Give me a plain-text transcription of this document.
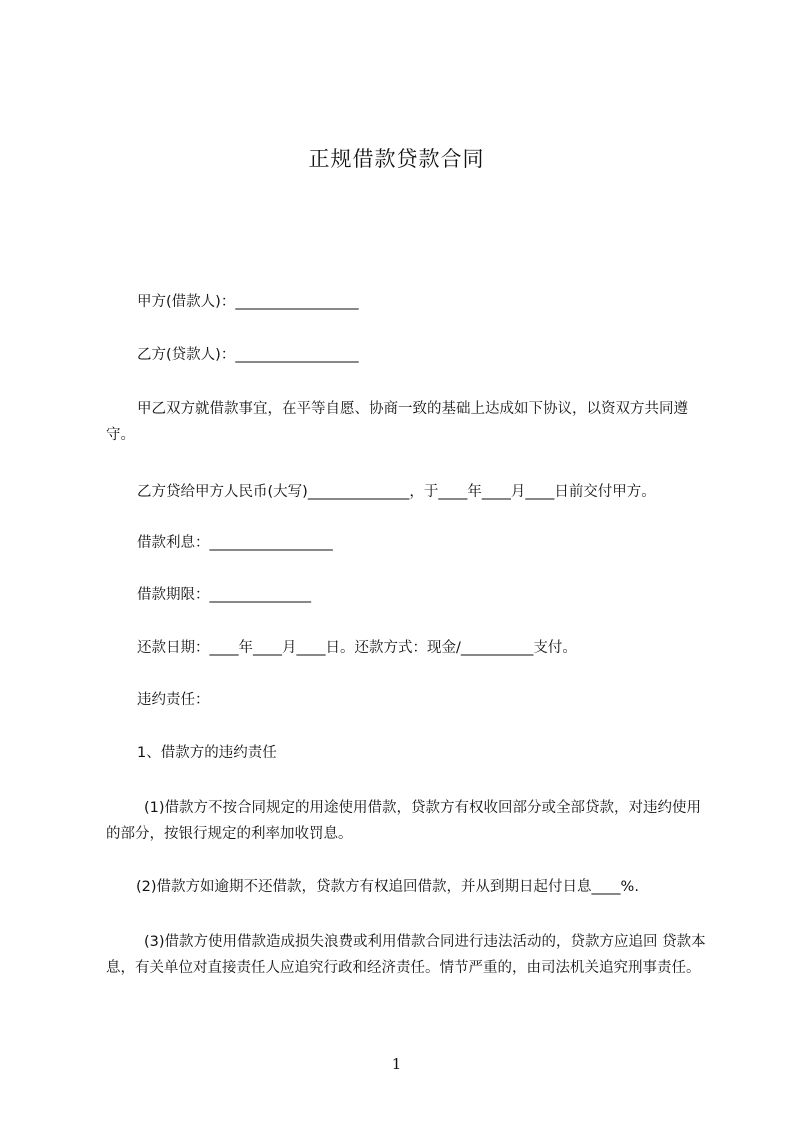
正规借款贷款合同
甲方(借款人)：_________________
乙方(贷款人)：_________________
甲乙双方就借款事宜，在平等自愿、协商一致的基础上达成如下协议，以资双方共同遵守。
乙方贷给甲方人民币(大写)______________，于____年____月____日前交付甲方。
借款利息：_________________
借款期限：______________
还款日期：____年____月____日。还款方式：现金/__________支付。
违约责任：
1、借款方的违约责任
(1)借款方不按合同规定的用途使用借款，贷款方有权收回部分或全部贷款，对违约使用的部分，按银行规定的利率加收罚息。
(2)借款方如逾期不还借款，贷款方有权追回借款，并从到期日起付日息____%.
(3)借款方使用借款造成损失浪费或利用借款合同进行违法活动的，贷款方应追回 贷款本息，有关单位对直接责任人应追究行政和经济责任。情节严重的，由司法机关追究刑事责任。
1
